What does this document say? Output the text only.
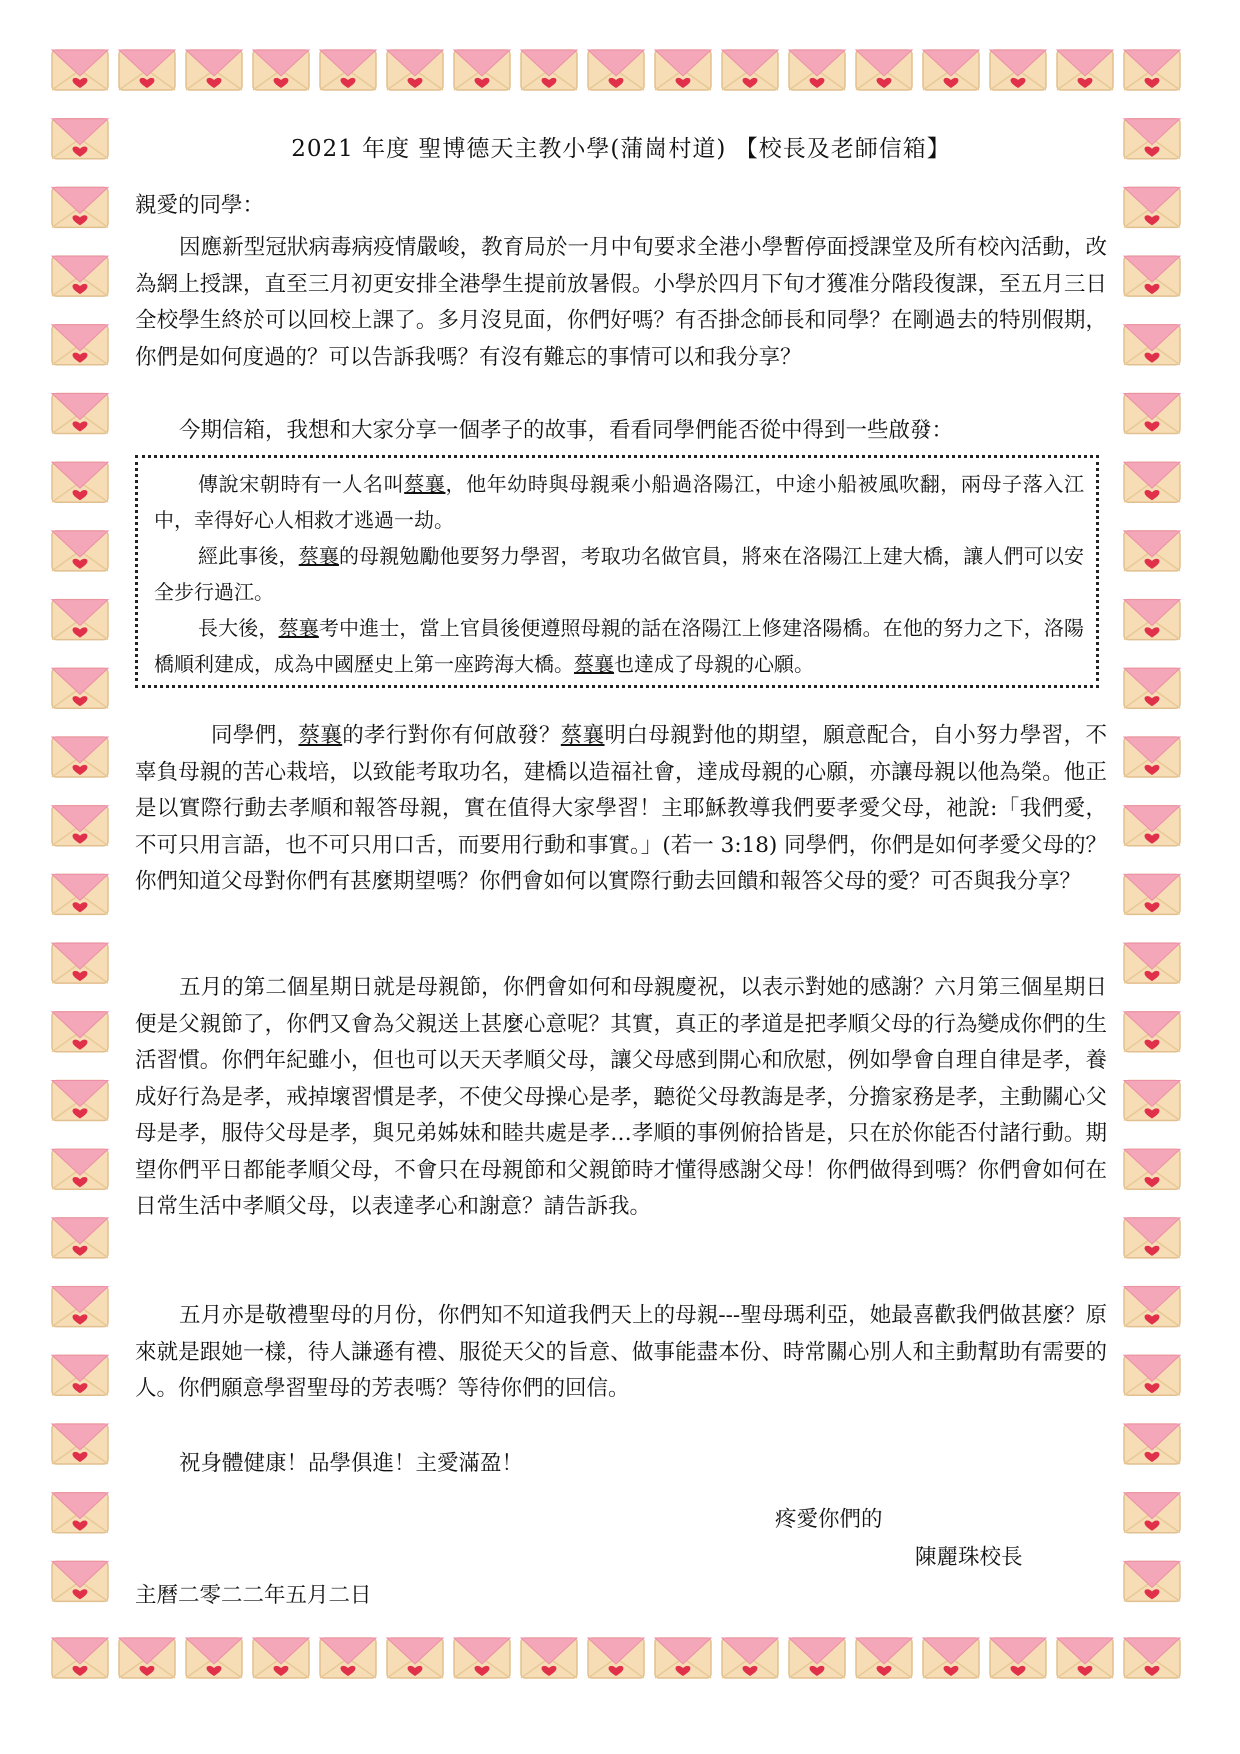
2021 年度 聖博德天主教小學(蒲崗村道) 【校長及老師信箱】

親愛的同學：

因應新型冠狀病毒病疫情嚴峻，教育局於一月中旬要求全港小學暫停面授課堂及所有校內活動，改為網上授課，直至三月初更安排全港學生提前放暑假。小學於四月下旬才獲准分階段復課，至五月三日全校學生終於可以回校上課了。多月沒見面，你們好嗎？有否掛念師長和同學？在剛過去的特別假期，你們是如何度過的？可以告訴我嗎？有沒有難忘的事情可以和我分享？

今期信箱，我想和大家分享一個孝子的故事，看看同學們能否從中得到一些啟發：

傳說宋朝時有一人名叫蔡襄，他年幼時與母親乘小船過洛陽江，中途小船被風吹翻，兩母子落入江中，幸得好心人相救才逃過一劫。

經此事後，蔡襄的母親勉勵他要努力學習，考取功名做官員，將來在洛陽江上建大橋，讓人們可以安全步行過江。

長大後，蔡襄考中進士，當上官員後便遵照母親的話在洛陽江上修建洛陽橋。在他的努力之下，洛陽橋順利建成，成為中國歷史上第一座跨海大橋。蔡襄也達成了母親的心願。

同學們，蔡襄的孝行對你有何啟發？蔡襄明白母親對他的期望，願意配合，自小努力學習，不辜負母親的苦心栽培，以致能考取功名，建橋以造福社會，達成母親的心願，亦讓母親以他為榮。他正是以實際行動去孝順和報答母親，實在值得大家學習！主耶穌教導我們要孝愛父母，祂說:「我們愛，不可只用言語，也不可只用口舌，而要用行動和事實。」(若一 3:18) 同學們，你們是如何孝愛父母的？你們知道父母對你們有甚麼期望嗎？你們會如何以實際行動去回饋和報答父母的愛？可否與我分享？

五月的第二個星期日就是母親節，你們會如何和母親慶祝，以表示對她的感謝？六月第三個星期日便是父親節了，你們又會為父親送上甚麼心意呢？其實，真正的孝道是把孝順父母的行為變成你們的生活習慣。你們年紀雖小，但也可以天天孝順父母，讓父母感到開心和欣慰，例如學會自理自律是孝，養成好行為是孝，戒掉壞習慣是孝，不使父母操心是孝，聽從父母教誨是孝，分擔家務是孝，主動關心父母是孝，服侍父母是孝，與兄弟姊妹和睦共處是孝…孝順的事例俯拾皆是，只在於你能否付諸行動。期望你們平日都能孝順父母，不會只在母親節和父親節時才懂得感謝父母！你們做得到嗎？你們會如何在日常生活中孝順父母，以表達孝心和謝意？請告訴我。

五月亦是敬禮聖母的月份，你們知不知道我們天上的母親---聖母瑪利亞，她最喜歡我們做甚麼？原來就是跟她一樣，待人謙遜有禮、服從天父的旨意、做事能盡本份、時常關心別人和主動幫助有需要的人。你們願意學習聖母的芳表嗎？等待你們的回信。

祝身體健康！品學俱進！主愛滿盈！

疼愛你們的
陳麗珠校長
主曆二零二二年五月二日
